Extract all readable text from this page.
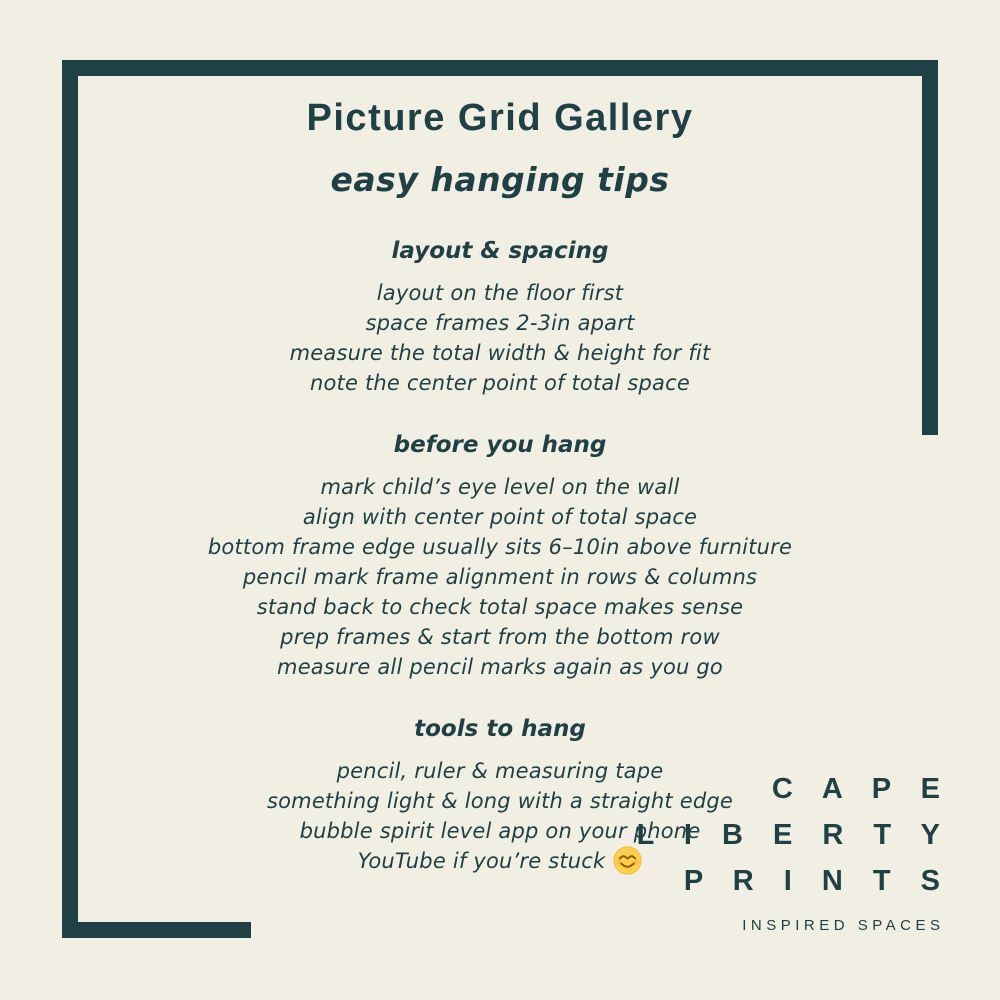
Picture Grid Gallery
easy hanging tips
layout & spacing

layout on the floor first

space frames 2-3in apart

measure the total width & height for fit

note the center point of total space

before you hang

mark child’s eye level on the wall

align with center point of total space

bottom frame edge usually sits 6–10in above furniture

pencil mark frame alignment in rows & columns

stand back to check total space makes sense

prep frames & start from the bottom row

measure all pencil marks again as you go

tools to hang

pencil, ruler & measuring tape

something light & long with a straight edge

bubble spirit level app on your phone

YouTube if you’re stuck

C A P E
L I B E R T Y
P R I N T S
INSPIRED SPACES
